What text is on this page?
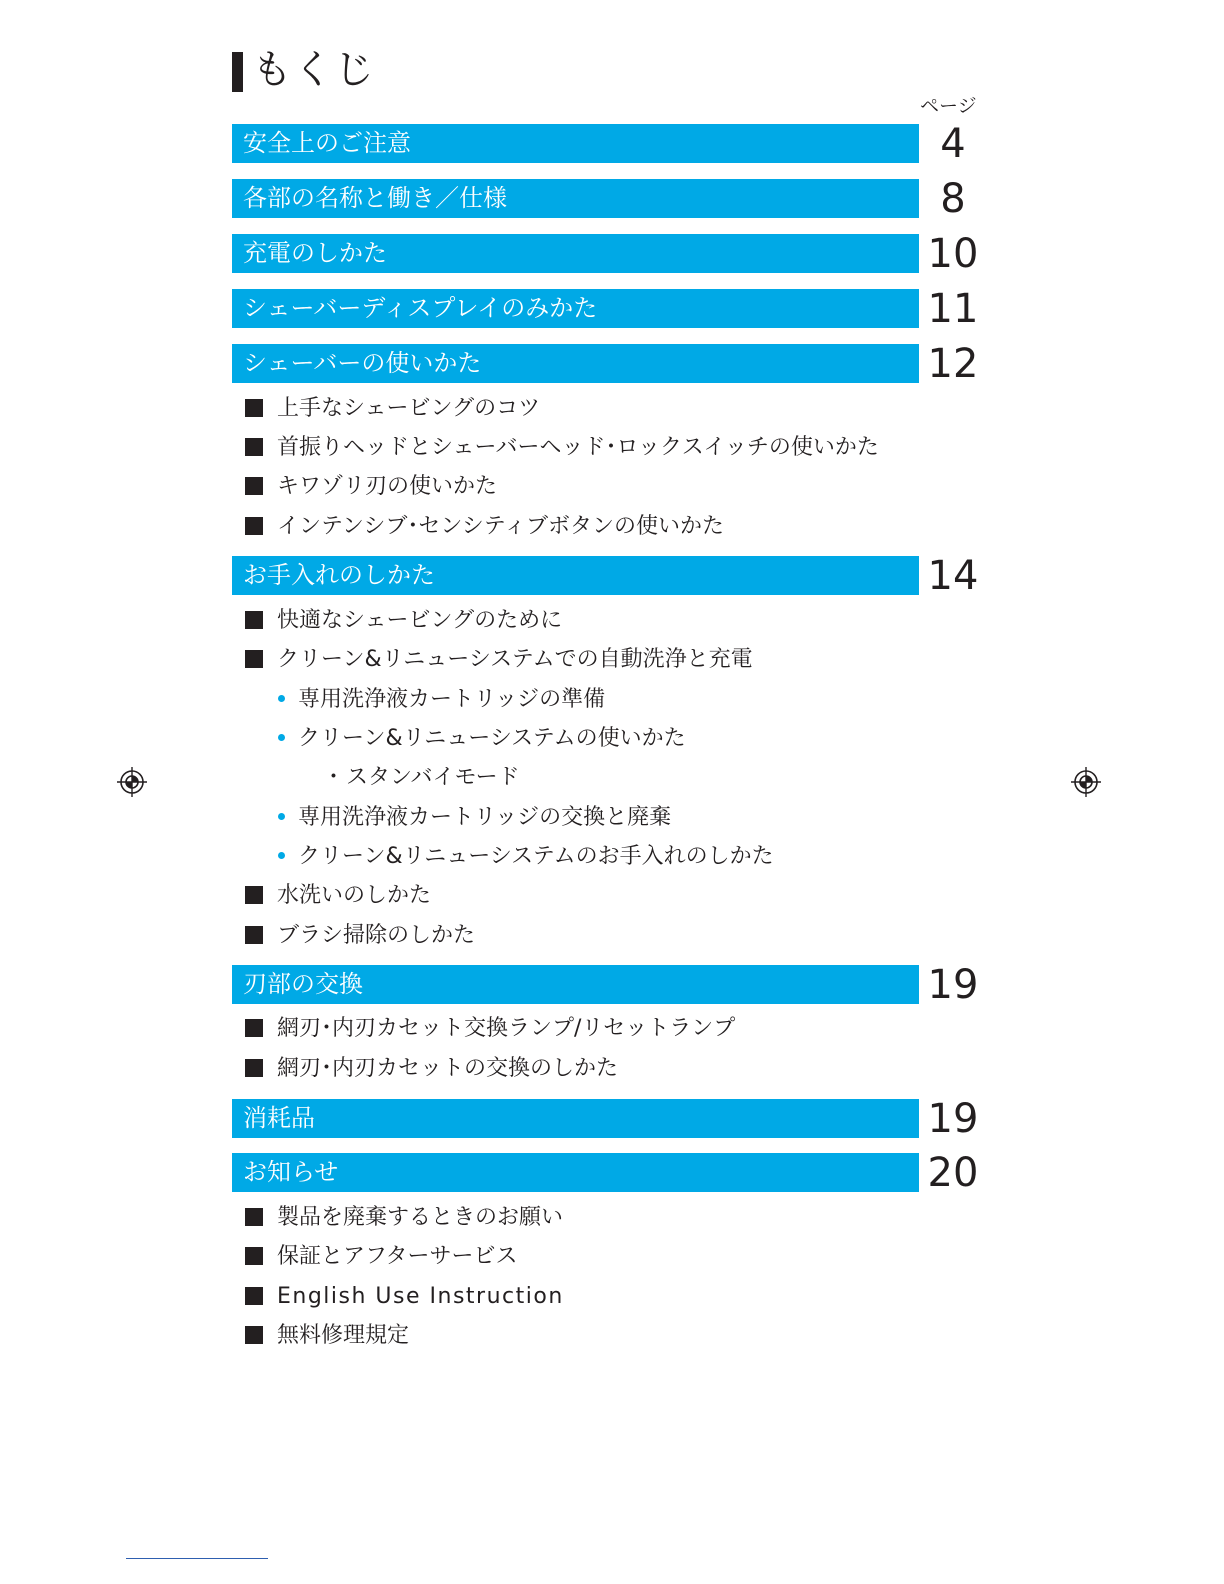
もくじ
ページ
安全上のご注意	4
各部の名称と働き／仕様	8
充電のしかた	10
シェーバーディスプレイのみかた	11
シェーバーの使いかた	12
上手なシェービングのコツ
首振りヘッドとシェーバーヘッド･ロックスイッチの使いかた
キワゾリ刃の使いかた
インテンシブ･センシティブボタンの使いかた
お手入れのしかた	14
快適なシェービングのために
クリーン&リニューシステムでの自動洗浄と充電
専用洗浄液カートリッジの準備
クリーン&リニューシステムの使いかた
･ スタンバイモード
専用洗浄液カートリッジの交換と廃棄
クリーン&リニューシステムのお手入れのしかた
水洗いのしかた
ブラシ掃除のしかた
刃部の交換	19
網刃･内刃カセット交換ランプ/リセットランプ
網刃･内刃カセットの交換のしかた
消耗品	19
お知らせ	20
製品を廃棄するときのお願い
保証とアフターサービス
English Use Instruction
無料修理規定
